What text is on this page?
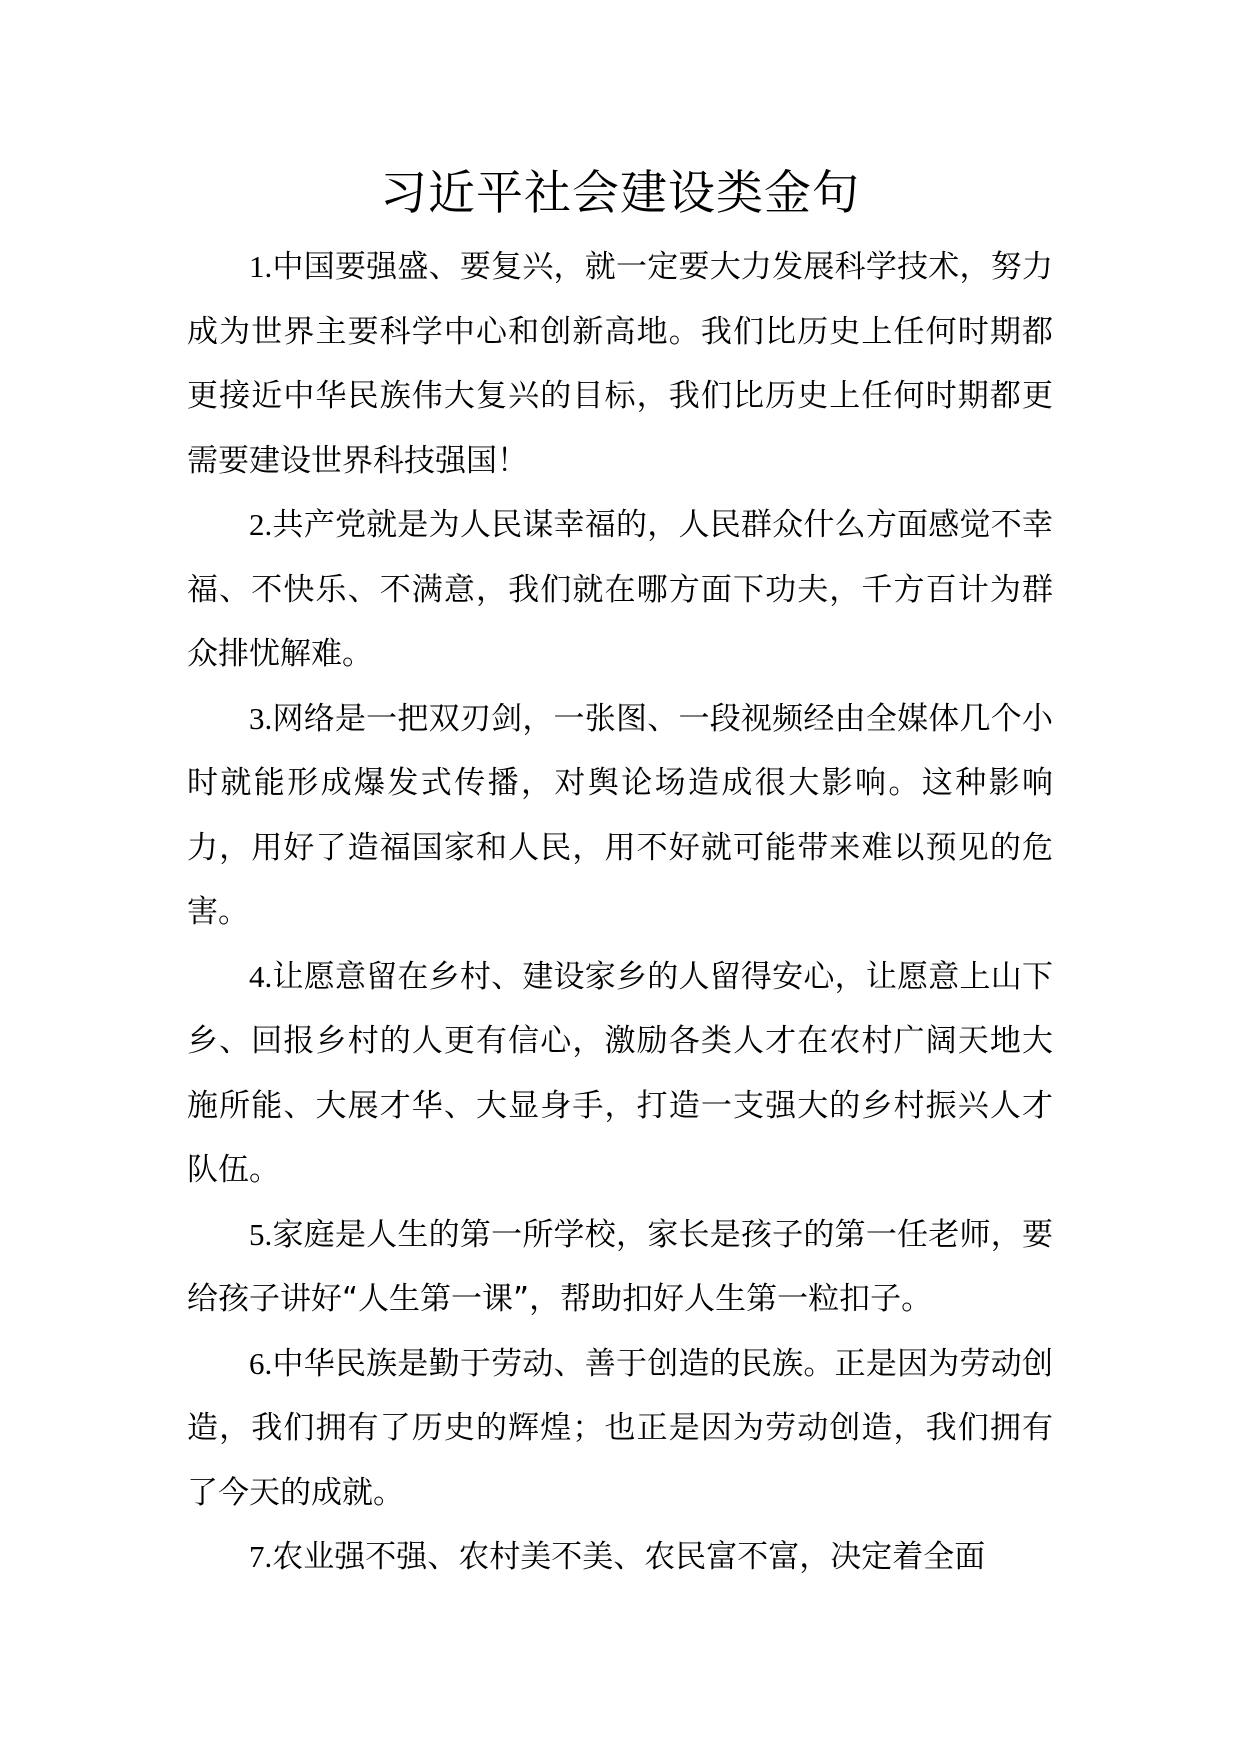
习近平社会建设类金句

1.中国要强盛、要复兴，就一定要大力发展科学技术，努力成为世界主要科学中心和创新高地。我们比历史上任何时期都更接近中华民族伟大复兴的目标，我们比历史上任何时期都更需要建设世界科技强国！

2.共产党就是为人民谋幸福的，人民群众什么方面感觉不幸福、不快乐、不满意，我们就在哪方面下功夫，千方百计为群众排忧解难。

3.网络是一把双刃剑，一张图、一段视频经由全媒体几个小时就能形成爆发式传播，对舆论场造成很大影响。这种影响力，用好了造福国家和人民，用不好就可能带来难以预见的危害。

4.让愿意留在乡村、建设家乡的人留得安心，让愿意上山下乡、回报乡村的人更有信心，激励各类人才在农村广阔天地大施所能、大展才华、大显身手，打造一支强大的乡村振兴人才队伍。

5.家庭是人生的第一所学校，家长是孩子的第一任老师，要给孩子讲好“人生第一课”，帮助扣好人生第一粒扣子。

6.中华民族是勤于劳动、善于创造的民族。正是因为劳动创造，我们拥有了历史的辉煌；也正是因为劳动创造，我们拥有了今天的成就。

7.农业强不强、农村美不美、农民富不富，决定着全面
